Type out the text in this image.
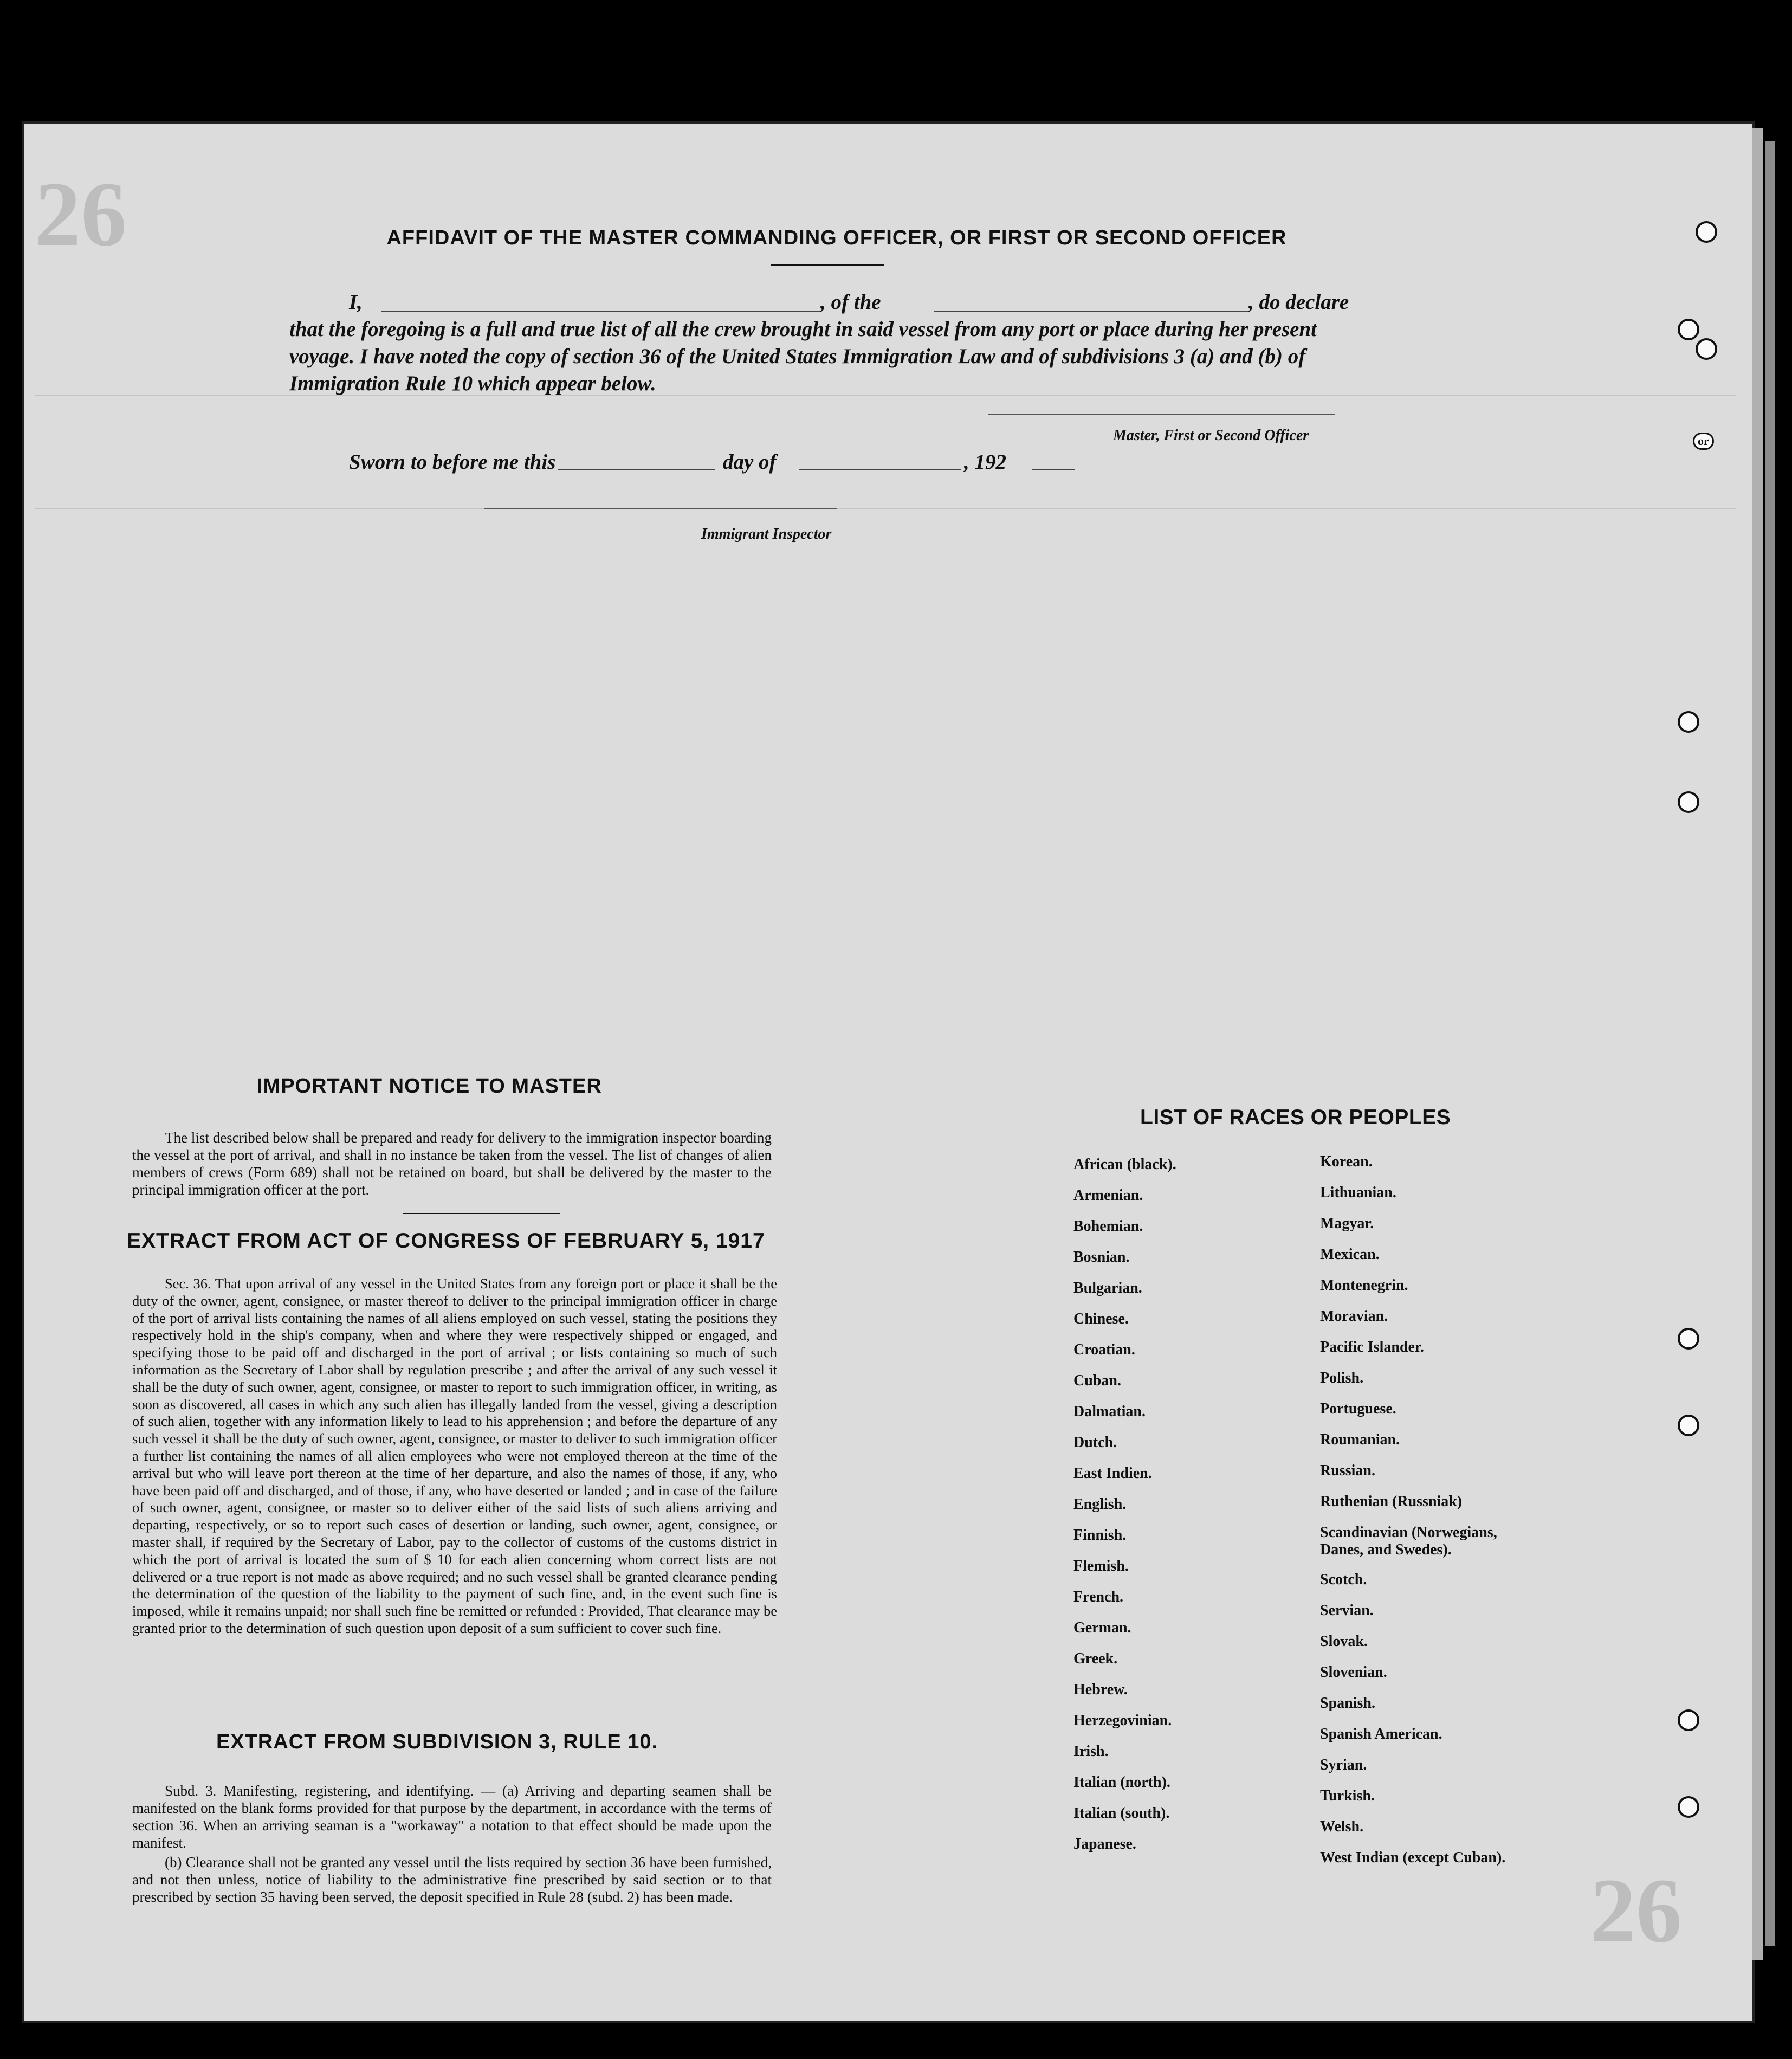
26
26
AFFIDAVIT OF THE MASTER COMMANDING OFFICER, OR FIRST OR SECOND OFFICER
I,	, of the	, do declare
that the foregoing is a full and true list of all the crew brought in said vessel from any port or place during her present
voyage. I have noted the copy of section 36 of the United States Immigration Law and of subdivisions 3 (a) and (b) of
Immigration Rule 10 which appear below.
Master, First or Second Officer
Sworn to before me this	day of	, 192
Immigrant Inspector
IMPORTANT NOTICE TO MASTER
The list described below shall be prepared and ready for delivery to the immigration inspector boarding the vessel at the port of arrival, and shall in no instance be taken from the vessel. The list of changes of alien members of crews (Form 689) shall not be retained on board, but shall be delivered by the master to the principal immigration officer at the port.
EXTRACT FROM ACT OF CONGRESS OF FEBRUARY 5, 1917
Sec. 36. That upon arrival of any vessel in the United States from any foreign port or place it shall be the duty of the owner, agent, consignee, or master thereof to deliver to the principal immigration officer in charge of the port of arrival lists containing the names of all aliens employed on such vessel, stating the positions they respectively hold in the ship's company, when and where they were respectively shipped or engaged, and specifying those to be paid off and discharged in the port of arrival ; or lists containing so much of such information as the Secretary of Labor shall by regulation prescribe ; and after the arrival of any such vessel it shall be the duty of such owner, agent, consignee, or master to report to such immigration officer, in writing, as soon as discovered, all cases in which any such alien has illegally landed from the vessel, giving a description of such alien, together with any information likely to lead to his apprehension ; and before the departure of any such vessel it shall be the duty of such owner, agent, consignee, or master to deliver to such immigration officer a further list containing the names of all alien employees who were not employed thereon at the time of the arrival but who will leave port thereon at the time of her departure, and also the names of those, if any, who have been paid off and discharged, and of those, if any, who have deserted or landed ; and in case of the failure of such owner, agent, consignee, or master so to deliver either of the said lists of such aliens arriving and departing, respectively, or so to report such cases of desertion or landing, such owner, agent, consignee, or master shall, if required by the Secretary of Labor, pay to the collector of customs of the customs district in which the port of arrival is located the sum of $ 10 for each alien concerning whom correct lists are not delivered or a true report is not made as above required; and no such vessel shall be granted clearance pending the determination of the question of the liability to the payment of such fine, and, in the event such fine is imposed, while it remains unpaid; nor shall such fine be remitted or refunded : Provided, That clearance may be granted prior to the determination of such question upon deposit of a sum sufficient to cover such fine.
EXTRACT FROM SUBDIVISION 3, RULE 10.
Subd. 3. Manifesting, registering, and identifying. — (a) Arriving and departing seamen shall be manifested on the blank forms provided for that purpose by the department, in accordance with the terms of section 36. When an arriving seaman is a "workaway" a notation to that effect should be made upon the manifest.
(b) Clearance shall not be granted any vessel until the lists required by section 36 have been furnished, and not then unless, notice of liability to the administrative fine prescribed by said section or to that prescribed by section 35 having been served, the deposit specified in Rule 28 (subd. 2) has been made.
LIST OF RACES OR PEOPLES
African (black).
Armenian.
Bohemian.
Bosnian.
Bulgarian.
Chinese.
Croatian.
Cuban.
Dalmatian.
Dutch.
East Indien.
English.
Finnish.
Flemish.
French.
German.
Greek.
Hebrew.
Herzegovinian.
Irish.
Italian (north).
Italian (south).
Japanese.
Korean.
Lithuanian.
Magyar.
Mexican.
Montenegrin.
Moravian.
Pacific Islander.
Polish.
Portuguese.
Roumanian.
Russian.
Ruthenian (Russniak)
Scandinavian (Norwegians, Danes, and Swedes).
Scotch.
Servian.
Slovak.
Slovenian.
Spanish.
Spanish American.
Syrian.
Turkish.
Welsh.
West Indian (except Cuban).
or
